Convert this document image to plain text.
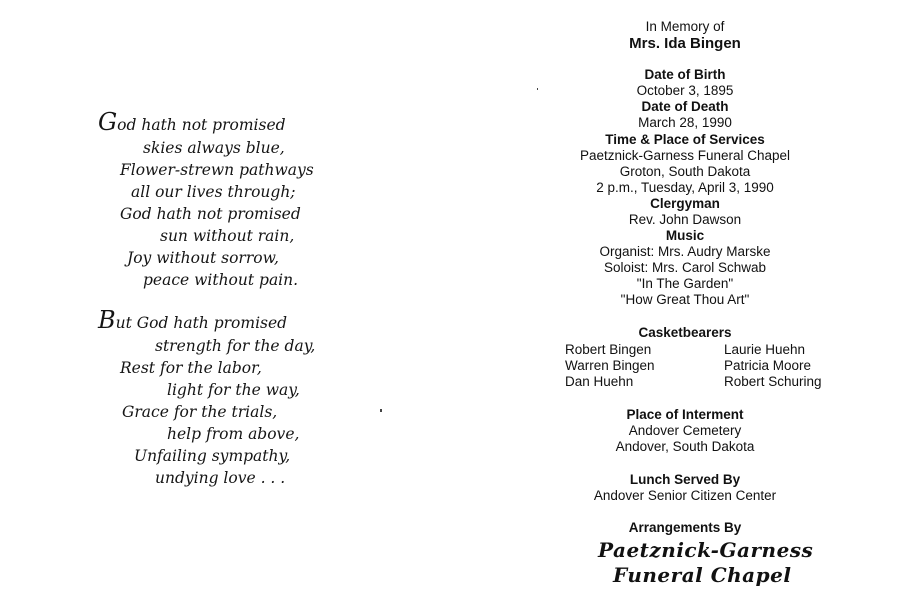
God hath not promised
skies always blue,
Flower-strewn pathways
all our lives through;
God hath not promised
sun without rain,
Joy without sorrow,
peace without pain.
But God hath promised
strength for the day,
Rest for the labor,
light for the way,
Grace for the trials,
help from above,
Unfailing sympathy,
undying love . . .
In Memory of
Mrs. Ida Bingen
Date of Birth
October 3, 1895
Date of Death
March 28, 1990
Time & Place of Services
Paetznick-Garness Funeral Chapel
Groton, South Dakota
2 p.m., Tuesday, April 3, 1990
Clergyman
Rev. John Dawson
Music
Organist: Mrs. Audry Marske
Soloist: Mrs. Carol Schwab
"In The Garden"
"How Great Thou Art"
Casketbearers
Robert Bingen
Warren Bingen
Dan Huehn
Laurie Huehn
Patricia Moore
Robert Schuring
Place of Interment
Andover Cemetery
Andover, South Dakota
Lunch Served By
Andover Senior Citizen Center
Arrangements By
Paetznick-Garness
Funeral Chapel
